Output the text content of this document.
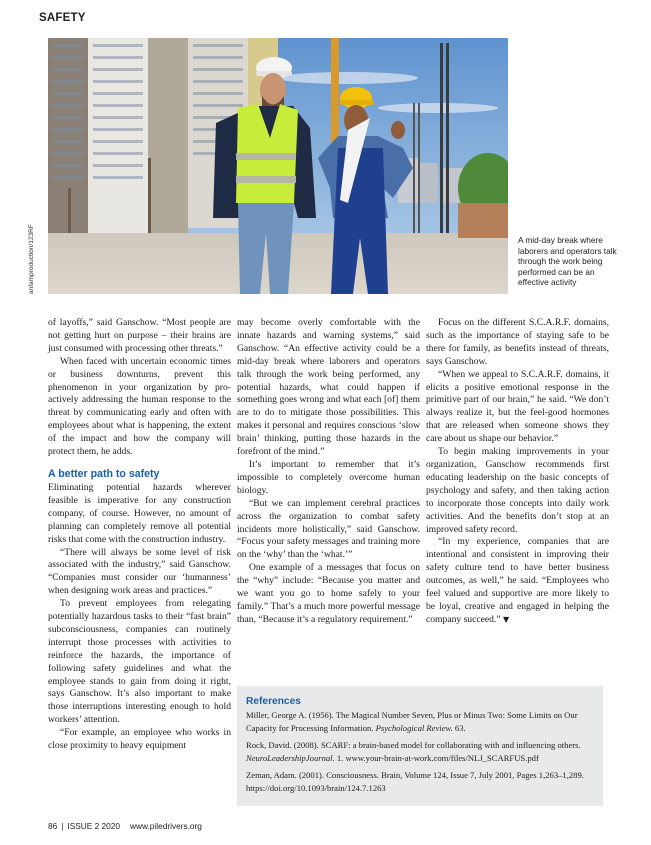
SAFETY
anfamproduction/123RF	A mid-day break where laborers and operators talk through the work being performed can be an effective activity

of layoffs,” said Ganschow. “Most people are not getting hurt on purpose – their brains are just consumed with processing other threats.”

When faced with uncertain economic times or business downturns, prevent this phenomenon in your organization by proactively addressing the human response to the threat by communicating early and often with employees about what is happening, the extent of the impact and how the company will protect them, he adds.

A better path to safety

Eliminating potential hazards wherever feasible is imperative for any construction company, of course. However, no amount of planning can completely remove all potential risks that come with the construction industry.

“There will always be some level of risk associated with the industry,” said Ganschow. “Companies must consider our ‘humanness’ when designing work areas and practices.”

To prevent employees from relegating potentially hazardous tasks to their “fast brain” subconsciousness, companies can routinely interrupt those processes with activities to reinforce the hazards, the importance of following safety guidelines and what the employee stands to gain from doing it right, says Ganschow. It’s also important to make those interruptions interesting enough to hold workers’ attention.

“For example, an employee who works in close proximity to heavy equipment

may become overly comfortable with the innate hazards and warning systems,” said Ganschow. “An effective activity could be a mid-day break where laborers and operators talk through the work being performed, any potential hazards, what could happen if something goes wrong and what each [of] them are to do to mitigate those possibilities. This makes it personal and requires conscious ‘slow brain’ thinking, putting those hazards in the forefront of the mind.”

It’s important to remember that it’s impossible to completely overcome human biology.

“But we can implement cerebral practices across the organization to combat safety incidents more holistically,” said Ganschow. “Focus your safety messages and training more on the ‘why’ than the ‘what.’”

One example of a messages that focus on the “why” include: “Because you matter and we want you go to home safely to your family.” That’s a much more powerful message than, “Because it’s a regulatory requirement.”

Focus on the different S.C.A.R.F. domains, such as the importance of staying safe to be there for family, as benefits instead of threats, says Ganschow.

“When we appeal to S.C.A.R.F. domains, it elicits a positive emotional response in the primitive part of our brain,” he said. “We don’t always realize it, but the feel-good hormones that are released when someone shows they care about us shape our behavior.”

To begin making improvements in your organization, Ganschow recommends first educating leadership on the basic concepts of psychology and safety, and then taking action to incorporate those concepts into daily work activities. And the benefits don’t stop at an improved safety record.

“In my experience, companies that are intentional and consistent in improving their safety culture tend to have better business outcomes, as well,” he said. “Employees who feel valued and supportive are more likely to be loyal, creative and engaged in helping the company succeed.” ▼

References

Miller, George A. (1956). The Magical Number Seven, Plus or Minus Two: Some Limits on Our Capacity for Processing Information. Psychological Review. 63.

Rock, David. (2008). SCARF: a brain-based model for collaborating with and influencing others. NeuroLeadershipJournal. 1. www.your-brain-at-work.com/files/NLJ_SCARFUS.pdf

Zeman, Adam. (2001). Consciousness. Brain, Volume 124, Issue 7, July 2001, Pages 1,263–1,289. https://doi.org/10.1093/brain/124.7.1263

86 | ISSUE 2 2020 www.piledrivers.org
